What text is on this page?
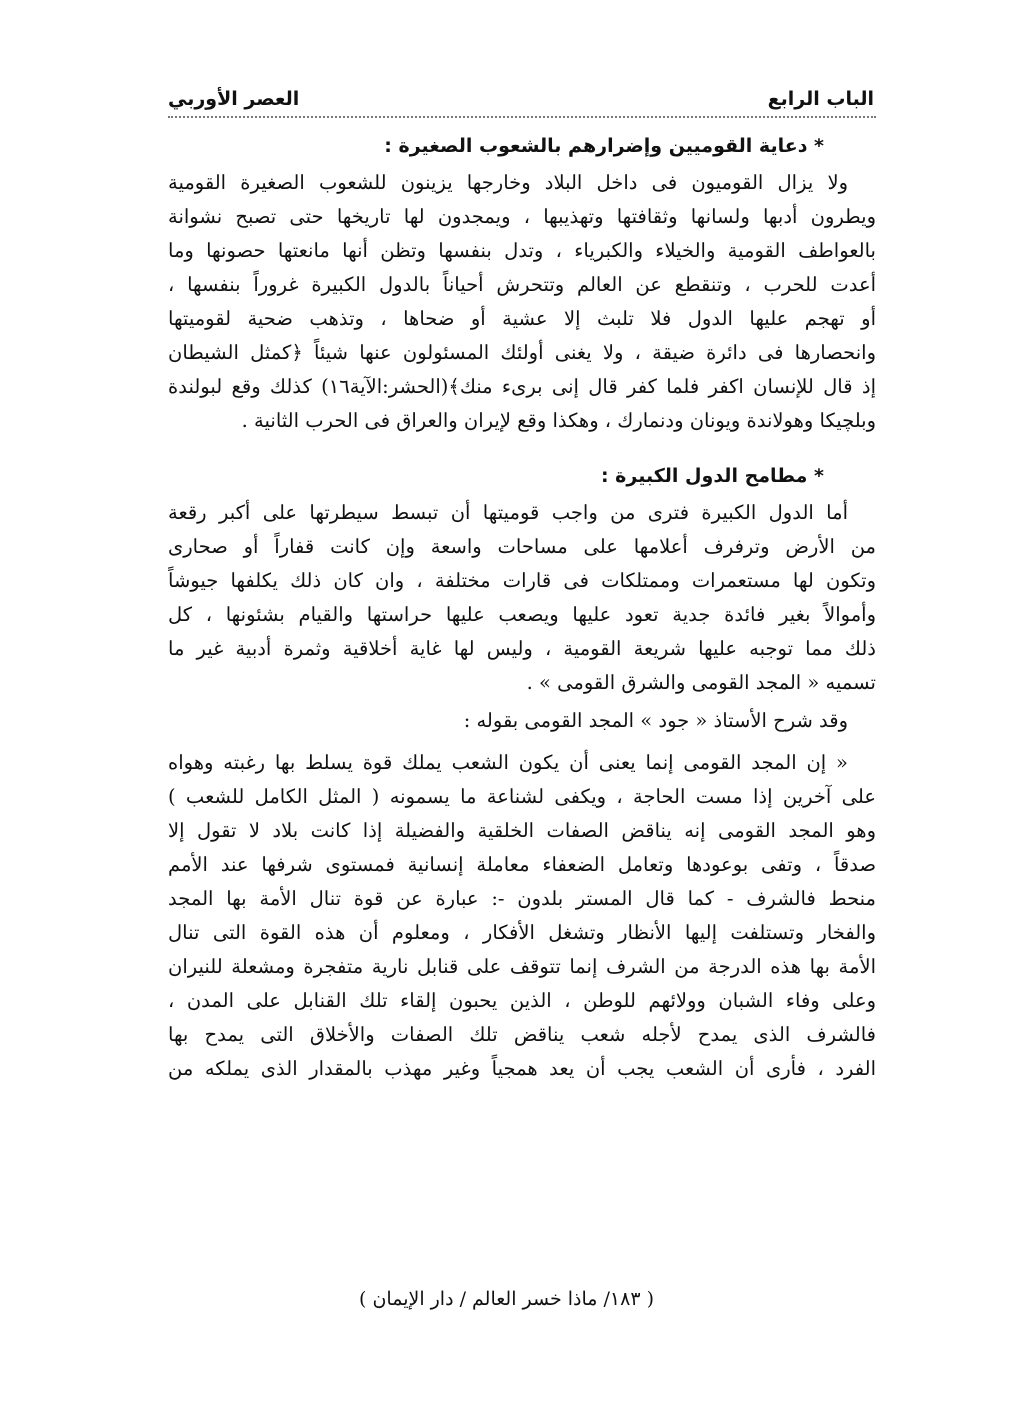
الباب الرابع
العصر الأوربي
* دعاية القوميين وإضرارهم بالشعوب الصغيرة :
ولا يزال القوميون فى داخل البلاد وخارجها يزينون للشعوب الصغيرة القومية
ويطرون أدبها ولسانها وثقافتها وتهذيبها ، ويمجدون لها تاريخها حتى تصبح نشوانة
بالعواطف القومية والخيلاء والكبرياء ، وتدل بنفسها وتظن أنها مانعتها حصونها وما
أعدت للحرب ، وتنقطع عن العالم وتتحرش أحياناً بالدول الكبيرة غروراً بنفسها ،
أو تهجم عليها الدول فلا تلبث إلا عشية أو ضحاها ، وتذهب ضحية لقوميتها
وانحصارها فى دائرة ضيقة ، ولا يغنى أولئك المسئولون عنها شيئاً ﴿كمثل الشيطان
إذ قال للإنسان اكفر فلما كفر قال إنى برىء منك﴾(الحشر:الآية١٦) كذلك وقع لبولندة
وبلچيكا وهولاندة ويونان ودنمارك ، وهكذا وقع لإيران والعراق فى الحرب الثانية .
* مطامح الدول الكبيرة :
أما الدول الكبيرة فترى من واجب قوميتها أن تبسط سيطرتها على أكبر رقعة
من الأرض وترفرف أعلامها على مساحات واسعة وإن كانت قفاراً أو صحارى
وتكون لها مستعمرات وممتلكات فى قارات مختلفة ، وان كان ذلك يكلفها جيوشاً
وأموالاً بغير فائدة جدية تعود عليها ويصعب عليها حراستها والقيام بشئونها ، كل
ذلك مما توجبه عليها شريعة القومية ، وليس لها غاية أخلاقية وثمرة أدبية غير ما
تسميه « المجد القومى والشرق القومى » .
وقد شرح الأستاذ « جود » المجد القومى بقوله :
« إن المجد القومى إنما يعنى أن يكون الشعب يملك قوة يسلط بها رغبته وهواه
على آخرين إذا مست الحاجة ، ويكفى لشناعة ما يسمونه ( المثل الكامل للشعب )
وهو المجد القومى إنه يناقض الصفات الخلقية والفضيلة إذا كانت بلاد لا تقول إلا
صدقاً ، وتفى بوعودها وتعامل الضعفاء معاملة إنسانية فمستوى شرفها عند الأمم
منحط فالشرف - كما قال المستر بلدون -: عبارة عن قوة تنال الأمة بها المجد
والفخار وتستلفت إليها الأنظار وتشغل الأفكار ، ومعلوم أن هذه القوة التى تنال
الأمة بها هذه الدرجة من الشرف إنما تتوقف على قنابل نارية متفجرة ومشعلة للنيران
وعلى وفاء الشبان وولائهم للوطن ، الذين يحبون إلقاء تلك القنابل على المدن ،
فالشرف الذى يمدح لأجله شعب يناقض تلك الصفات والأخلاق التى يمدح بها
الفرد ، فأرى أن الشعب يجب أن يعد همجياً وغير مهذب بالمقدار الذى يملكه من
( ١٨٣/ ماذا خسر العالم / دار الإيمان )
